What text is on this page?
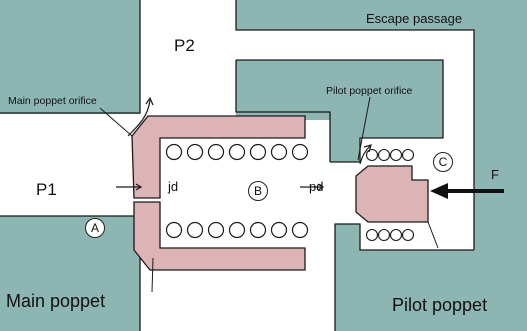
P2
P1	jd	pd
F
Escape passage
Main poppet orifice
Pilot poppet orifice
Main poppet	Pilot poppet
A
B
C
